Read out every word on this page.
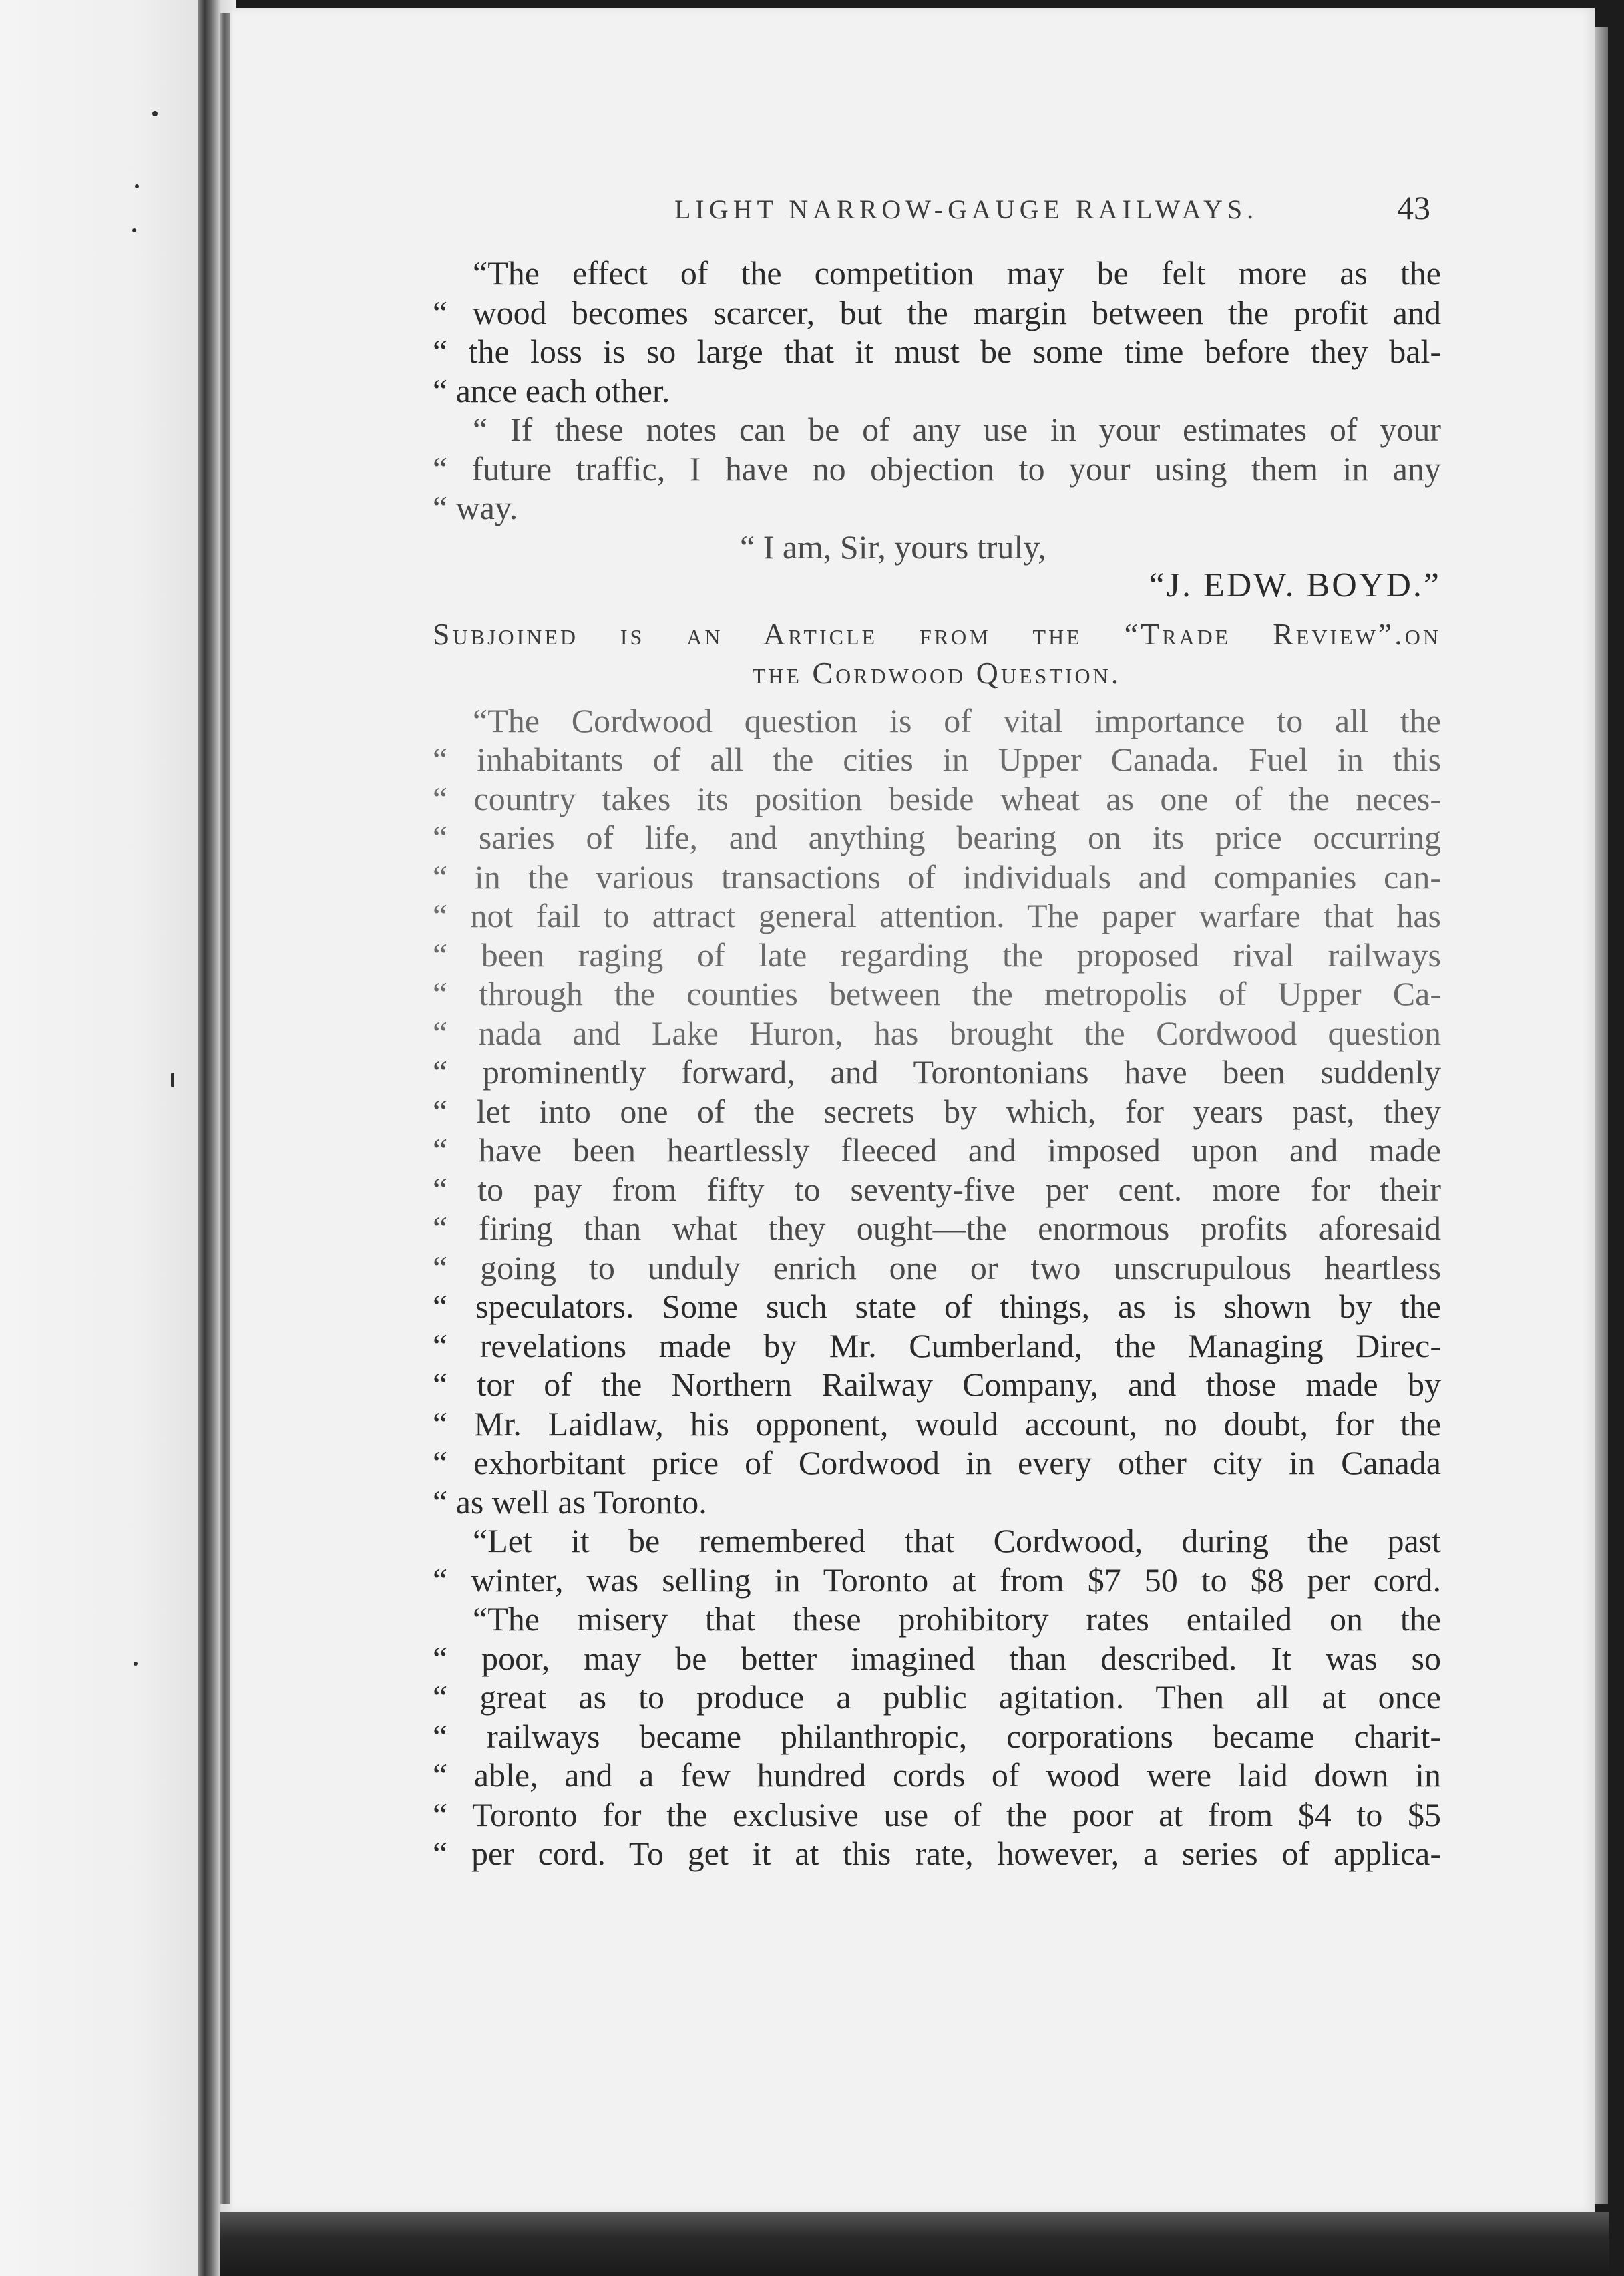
LIGHT NARROW-GAUGE RAILWAYS.	43
“The effect of the competition may be felt more as the
“ wood becomes scarcer, but the margin between the profit and
“ the loss is so large that it must be some time before they bal-
“ ance each other.
“ If these notes can be of any use in your estimates of your
“ future traffic, I have no objection to your using them in any
“ way.
“ I am, Sir, yours truly,
“J. EDW. BOYD.”
Subjoined is an Article from the “Trade Review”.on
the Cordwood Question.
“The Cordwood question is of vital importance to all the
“ inhabitants of all the cities in Upper Canada. Fuel in this
“ country takes its position beside wheat as one of the neces-
“ saries of life, and anything bearing on its price occurring
“ in the various transactions of individuals and companies can-
“ not fail to attract general attention. The paper warfare that has
“ been raging of late regarding the proposed rival railways
“ through the counties between the metropolis of Upper Ca-
“ nada and Lake Huron, has brought the Cordwood question
“ prominently forward, and Torontonians have been suddenly
“ let into one of the secrets by which, for years past, they
“ have been heartlessly fleeced and imposed upon and made
“ to pay from fifty to seventy-five per cent. more for their
“ firing than what they ought—the enormous profits aforesaid
“ going to unduly enrich one or two unscrupulous heartless
“ speculators. Some such state of things, as is shown by the
“ revelations made by Mr. Cumberland, the Managing Direc-
“ tor of the Northern Railway Company, and those made by
“ Mr. Laidlaw, his opponent, would account, no doubt, for the
“ exhorbitant price of Cordwood in every other city in Canada
“ as well as Toronto.
“Let it be remembered that Cordwood, during the past
“ winter, was selling in Toronto at from $7 50 to $8 per cord.
“The misery that these prohibitory rates entailed on the
“ poor, may be better imagined than described. It was so
“ great as to produce a public agitation. Then all at once
“ railways became philanthropic, corporations became charit-
“ able, and a few hundred cords of wood were laid down in
“ Toronto for the exclusive use of the poor at from $4 to $5
“ per cord. To get it at this rate, however, a series of applica-
